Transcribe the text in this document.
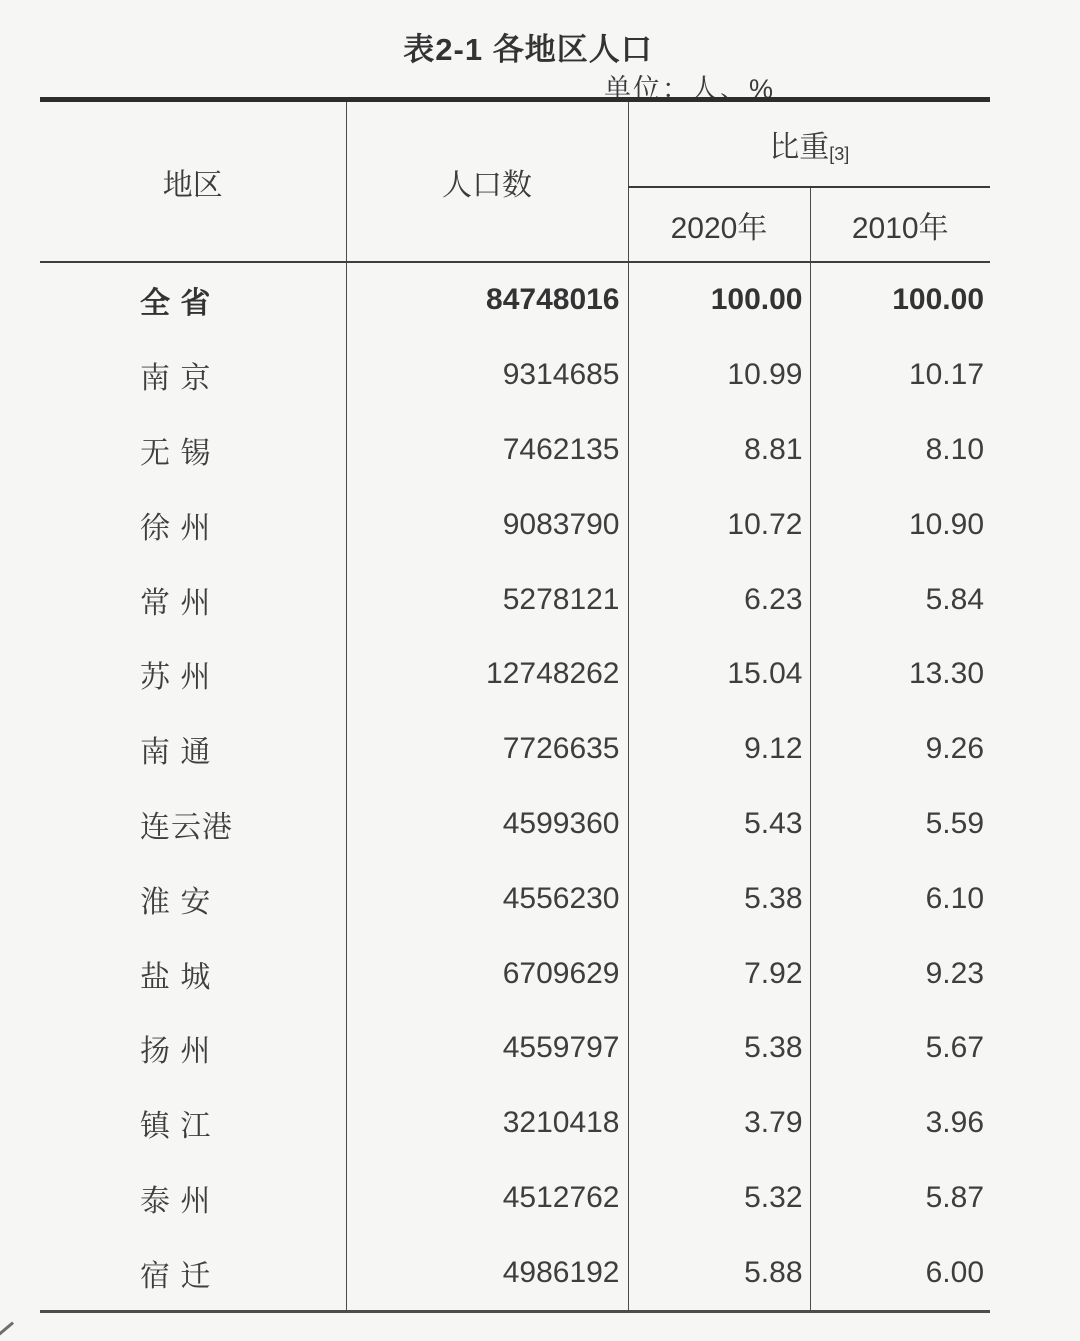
表2-1 各地区人口
单位：人、%
地区	人口数	比重[3]	
		2020年	2010年
全 省	84748016	100.00	100.00
南 京	9314685	10.99	10.17
无 锡	7462135	8.81	8.10
徐 州	9083790	10.72	10.90
常 州	5278121	6.23	5.84
苏 州	12748262	15.04	13.30
南 通	7726635	9.12	9.26
连云港	4599360	5.43	5.59
淮 安	4556230	5.38	6.10
盐 城	6709629	7.92	9.23
扬 州	4559797	5.38	5.67
镇 江	3210418	3.79	3.96
泰 州	4512762	5.32	5.87
宿 迁	4986192	5.88	6.00
